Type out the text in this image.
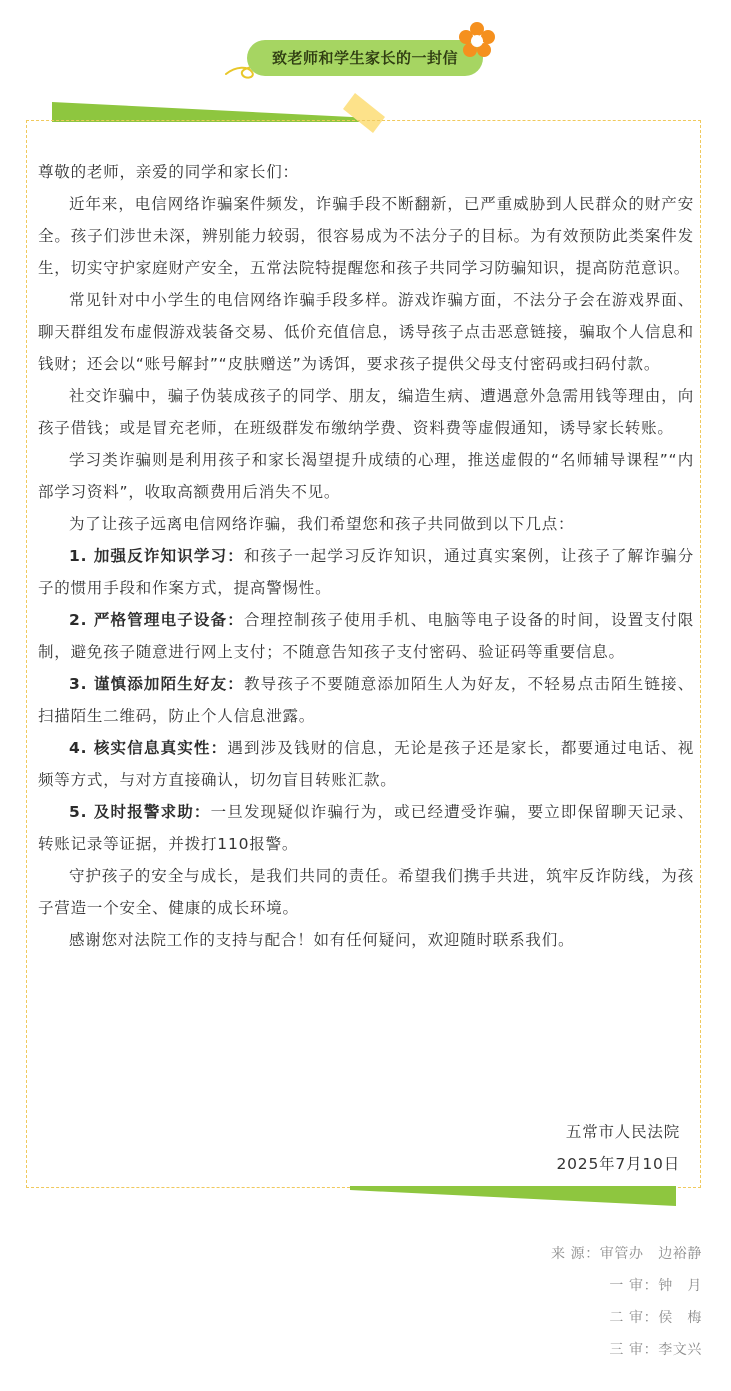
致老师和学生家长的一封信

尊敬的老师，亲爱的同学和家长们：

近年来，电信网络诈骗案件频发，诈骗手段不断翻新，已严重威胁到人民群众的财产安全。孩子们涉世未深，辨别能力较弱，很容易成为不法分子的目标。为有效预防此类案件发生，切实守护家庭财产安全，五常法院特提醒您和孩子共同学习防骗知识，提高防范意识。

常见针对中小学生的电信网络诈骗手段多样。游戏诈骗方面，不法分子会在游戏界面、聊天群组发布虚假游戏装备交易、低价充值信息，诱导孩子点击恶意链接，骗取个人信息和钱财；还会以“账号解封”“皮肤赠送”为诱饵，要求孩子提供父母支付密码或扫码付款。

社交诈骗中，骗子伪装成孩子的同学、朋友，编造生病、遭遇意外急需用钱等理由，向孩子借钱；或是冒充老师，在班级群发布缴纳学费、资料费等虚假通知，诱导家长转账。

学习类诈骗则是利用孩子和家长渴望提升成绩的心理，推送虚假的“名师辅导课程”“内部学习资料”，收取高额费用后消失不见。

为了让孩子远离电信网络诈骗，我们希望您和孩子共同做到以下几点：

1. 加强反诈知识学习：和孩子一起学习反诈知识，通过真实案例，让孩子了解诈骗分子的惯用手段和作案方式，提高警惕性。

2. 严格管理电子设备：合理控制孩子使用手机、电脑等电子设备的时间，设置支付限制，避免孩子随意进行网上支付；不随意告知孩子支付密码、验证码等重要信息。

3. 谨慎添加陌生好友：教导孩子不要随意添加陌生人为好友，不轻易点击陌生链接、扫描陌生二维码，防止个人信息泄露。

4. 核实信息真实性：遇到涉及钱财的信息，无论是孩子还是家长，都要通过电话、视频等方式，与对方直接确认，切勿盲目转账汇款。

5. 及时报警求助：一旦发现疑似诈骗行为，或已经遭受诈骗，要立即保留聊天记录、转账记录等证据，并拨打110报警。

守护孩子的安全与成长，是我们共同的责任。希望我们携手共进，筑牢反诈防线，为孩子营造一个安全、健康的成长环境。

感谢您对法院工作的支持与配合！如有任何疑问，欢迎随时联系我们。

五常市人民法院
2025年7月10日
来 源：审管办　边裕静
一 审：钟　月
二 审：侯　梅
三 审：李文兴
